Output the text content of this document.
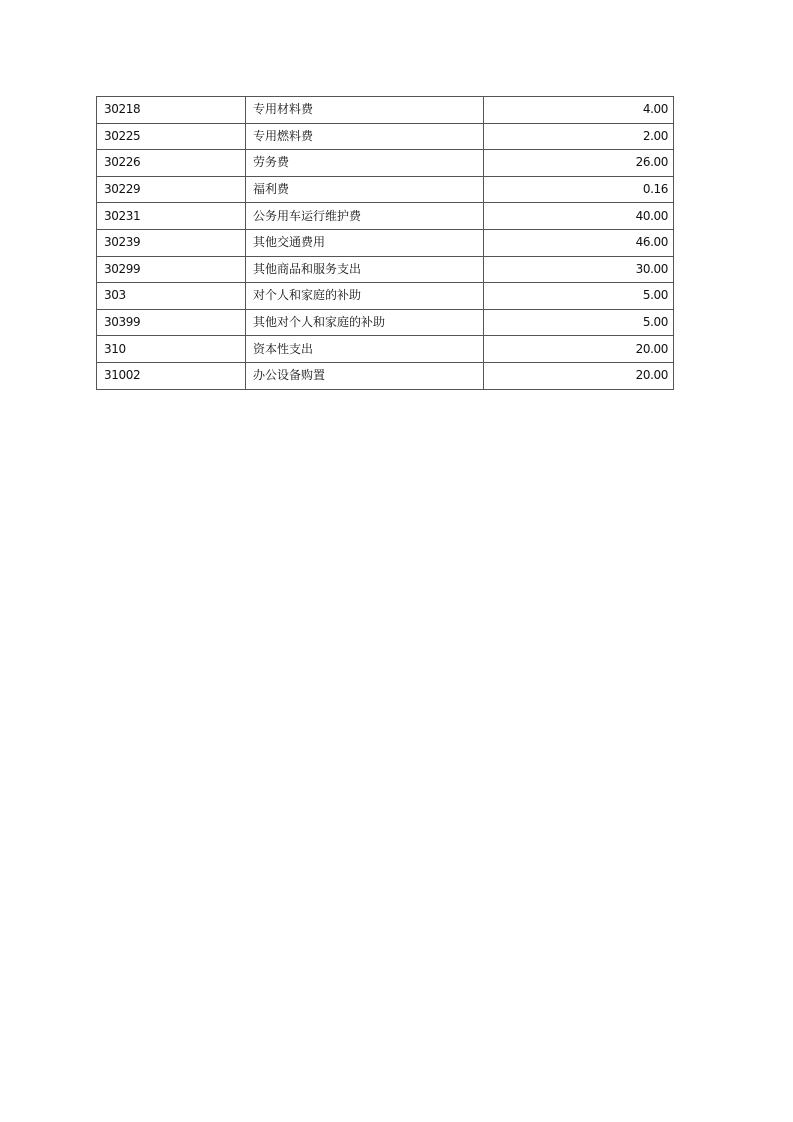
30218	专用材料费	4.00
30225	专用燃料费	2.00
30226	劳务费	26.00
30229	福利费	0.16
30231	公务用车运行维护费	40.00
30239	其他交通费用	46.00
30299	其他商品和服务支出	30.00
303	对个人和家庭的补助	5.00
30399	其他对个人和家庭的补助	5.00
310	资本性支出	20.00
31002	办公设备购置	20.00
